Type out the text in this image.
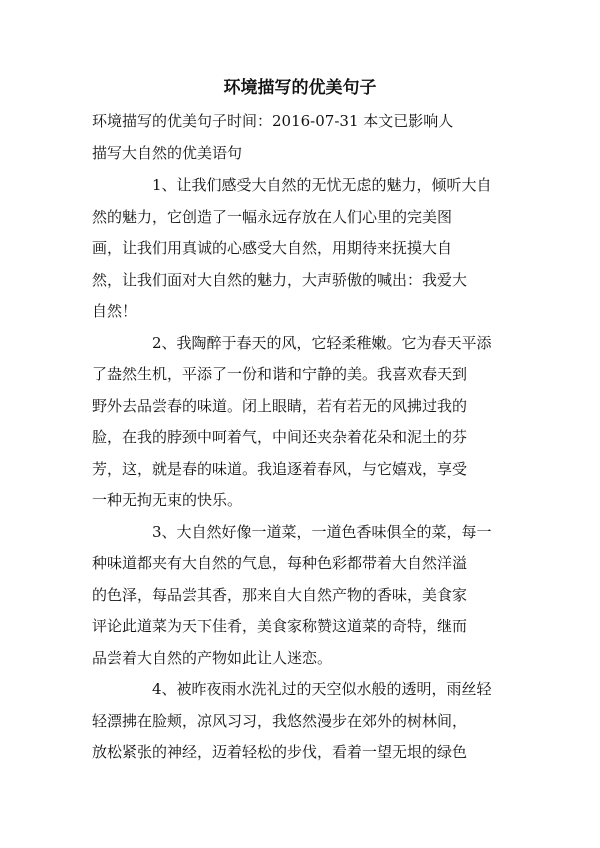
环境描写的优美句子
环境描写的优美句子时间：2016-07-31 本文已影响人
描写大自然的优美语句
1、让我们感受大自然的无忧无虑的魅力，倾听大自
然的魅力，它创造了一幅永远存放在人们心里的完美图
画，让我们用真诚的心感受大自然，用期待来抚摸大自
然，让我们面对大自然的魅力，大声骄傲的喊出：我爱大
自然！
2、我陶醉于春天的风，它轻柔稚嫩。它为春天平添
了盎然生机，平添了一份和谐和宁静的美。我喜欢春天到
野外去品尝春的味道。闭上眼睛，若有若无的风拂过我的
脸，在我的脖颈中呵着气，中间还夹杂着花朵和泥土的芬
芳，这，就是春的味道。我追逐着春风，与它嬉戏，享受
一种无拘无束的快乐。
3、大自然好像一道菜，一道色香味俱全的菜，每一
种味道都夹有大自然的气息，每种色彩都带着大自然洋溢
的色泽，每品尝其香，那来自大自然产物的香味，美食家
评论此道菜为天下佳肴，美食家称赞这道菜的奇特，继而
品尝着大自然的产物如此让人迷恋。
4、被昨夜雨水洗礼过的天空似水般的透明，雨丝轻
轻漂拂在脸颊，凉风习习，我悠然漫步在郊外的树林间，
放松紧张的神经，迈着轻松的步伐，看着一望无垠的绿色
